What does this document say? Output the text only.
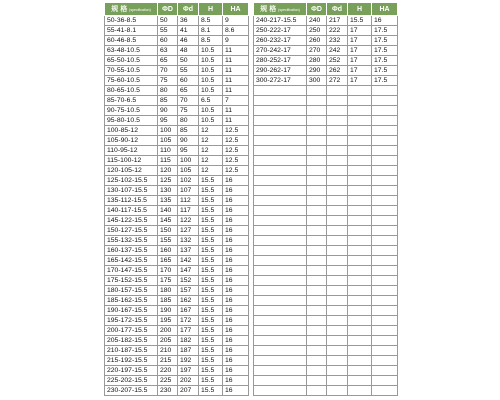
规 格 (specification)	ΦD	Φd	H	HA
50-36-8.5	50	36	8.5	9
55-41-8.1	55	41	8.1	8.6
60-46-8.5	60	46	8.5	9
63-48-10.5	63	48	10.5	11
65-50-10.5	65	50	10.5	11
70-55-10.5	70	55	10.5	11
75-60-10.5	75	60	10.5	11
80-65-10.5	80	65	10.5	11
85-70-6.5	85	70	6.5	7
90-75-10.5	90	75	10.5	11
95-80-10.5	95	80	10.5	11
100-85-12	100	85	12	12.5
105-90-12	105	90	12	12.5
110-95-12	110	95	12	12.5
115-100-12	115	100	12	12.5
120-105-12	120	105	12	12.5
125-102-15.5	125	102	15.5	16
130-107-15.5	130	107	15.5	16
135-112-15.5	135	112	15.5	16
140-117-15.5	140	117	15.5	16
145-122-15.5	145	122	15.5	16
150-127-15.5	150	127	15.5	16
155-132-15.5	155	132	15.5	16
160-137-15.5	160	137	15.5	16
165-142-15.5	165	142	15.5	16
170-147-15.5	170	147	15.5	16
175-152-15.5	175	152	15.5	16
180-157-15.5	180	157	15.5	16
185-162-15.5	185	162	15.5	16
190-167-15.5	190	167	15.5	16
195-172-15.5	195	172	15.5	16
200-177-15.5	200	177	15.5	16
205-182-15.5	205	182	15.5	16
210-187-15.5	210	187	15.5	16
215-192-15.5	215	192	15.5	16
220-197-15.5	220	197	15.5	16
225-202-15.5	225	202	15.5	16
230-207-15.5	230	207	15.5	16
规 格 (specification)	ΦD	Φd	H	HA
240-217-15.5	240	217	15.5	16
250-222-17	250	222	17	17.5
260-232-17	260	232	17	17.5
270-242-17	270	242	17	17.5
280-252-17	280	252	17	17.5
290-262-17	290	262	17	17.5
300-272-17	300	272	17	17.5
